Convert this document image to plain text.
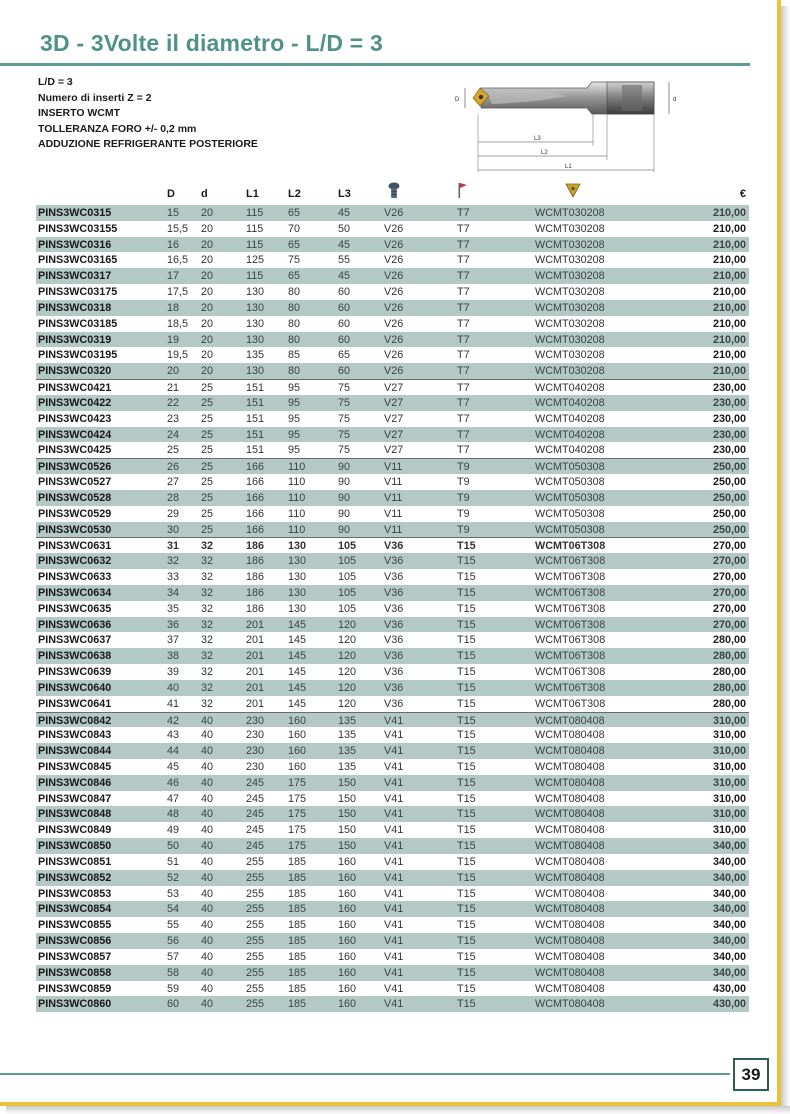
3D - 3Volte il diametro - L/D = 3
L/D = 3
Numero di inserti Z = 2
INSERTO WCMT
TOLLERANZA FORO +/- 0,2 mm
ADDUZIONE REFRIGERANTE POSTERIORE	L3
L2
L1
D	d
D d	L1	L2	L3	€
PINS3WC0315	15 20	115 65	45	V26	T7	WCMT030208	210,00
PINS3WC03155	15,5 20	115 70	50	V26	T7	WCMT030208	210,00
PINS3WC0316	16 20	115 65	45	V26	T7	WCMT030208	210,00
PINS3WC03165	16,5 20	125 75	55	V26	T7	WCMT030208	210,00
PINS3WC0317	17 20	115 65	45	V26	T7	WCMT030208	210,00
PINS3WC03175	17,5 20	130 80	60	V26	T7	WCMT030208	210,00
PINS3WC0318	18 20	130 80	60	V26	T7	WCMT030208	210,00
PINS3WC03185	18,5 20	130 80	60	V26	T7	WCMT030208	210,00
PINS3WC0319	19 20	130 80	60	V26	T7	WCMT030208	210,00
PINS3WC03195	19,5 20	135 85	65	V26	T7	WCMT030208	210,00
PINS3WC0320	20 20	130 80	60	V26	T7	WCMT030208	210,00
PINS3WC0421	21 25	151 95	75	V27	T7	WCMT040208	230,00
PINS3WC0422	22 25	151 95	75	V27	T7	WCMT040208	230,00
PINS3WC0423	23 25	151 95	75	V27	T7	WCMT040208	230,00
PINS3WC0424	24 25	151 95	75	V27	T7	WCMT040208	230,00
PINS3WC0425	25 25	151 95	75	V27	T7	WCMT040208	230,00
PINS3WC0526	26 25	166 110	90	V11	T9	WCMT050308	250,00
PINS3WC0527	27 25	166 110	90	V11	T9	WCMT050308	250,00
PINS3WC0528	28 25	166 110	90	V11	T9	WCMT050308	250,00
PINS3WC0529	29 25	166 110	90	V11	T9	WCMT050308	250,00
PINS3WC0530	30 25	166 110	90	V11	T9	WCMT050308	250,00
PINS3WC0631	31 32	186 130	105	V36	T15	WCMT06T308	270,00
PINS3WC0632	32 32	186 130	105	V36	T15	WCMT06T308	270,00
PINS3WC0633	33 32	186 130	105	V36	T15	WCMT06T308	270,00
PINS3WC0634	34 32	186 130	105	V36	T15	WCMT06T308	270,00
PINS3WC0635	35 32	186 130	105	V36	T15	WCMT06T308	270,00
PINS3WC0636	36 32	201 145	120	V36	T15	WCMT06T308	270,00
PINS3WC0637	37 32	201 145	120	V36	T15	WCMT06T308	280,00
PINS3WC0638	38 32	201 145	120	V36	T15	WCMT06T308	280,00
PINS3WC0639	39 32	201 145	120	V36	T15	WCMT06T308	280,00
PINS3WC0640	40 32	201 145	120	V36	T15	WCMT06T308	280,00
PINS3WC0641	41 32	201 145	120	V36	T15	WCMT06T308	280,00
PINS3WC0842	42 40	230 160	135	V41	T15	WCMT080408	310,00
PINS3WC0843	43 40	230 160	135	V41	T15	WCMT080408	310,00
PINS3WC0844	44 40	230 160	135	V41	T15	WCMT080408	310,00
PINS3WC0845	45 40	230 160	135	V41	T15	WCMT080408	310,00
PINS3WC0846	46 40	245 175	150	V41	T15	WCMT080408	310,00
PINS3WC0847	47 40	245 175	150	V41	T15	WCMT080408	310,00
PINS3WC0848	48 40	245 175	150	V41	T15	WCMT080408	310,00
PINS3WC0849	49 40	245 175	150	V41	T15	WCMT080408	310,00
PINS3WC0850	50 40	245 175	150	V41	T15	WCMT080408	340,00
PINS3WC0851	51 40	255 185	160	V41	T15	WCMT080408	340,00
PINS3WC0852	52 40	255 185	160	V41	T15	WCMT080408	340,00
PINS3WC0853	53 40	255 185	160	V41	T15	WCMT080408	340,00
PINS3WC0854	54 40	255 185	160	V41	T15	WCMT080408	340,00
PINS3WC0855	55 40	255 185	160	V41	T15	WCMT080408	340,00
PINS3WC0856	56 40	255 185	160	V41	T15	WCMT080408	340,00
PINS3WC0857	57 40	255 185	160	V41	T15	WCMT080408	340,00
PINS3WC0858	58 40	255 185	160	V41	T15	WCMT080408	340,00
PINS3WC0859	59 40	255 185	160	V41	T15	WCMT080408	430,00
PINS3WC0860	60 40	255 185	160	V41	T15	WCMT080408	430,00
39
